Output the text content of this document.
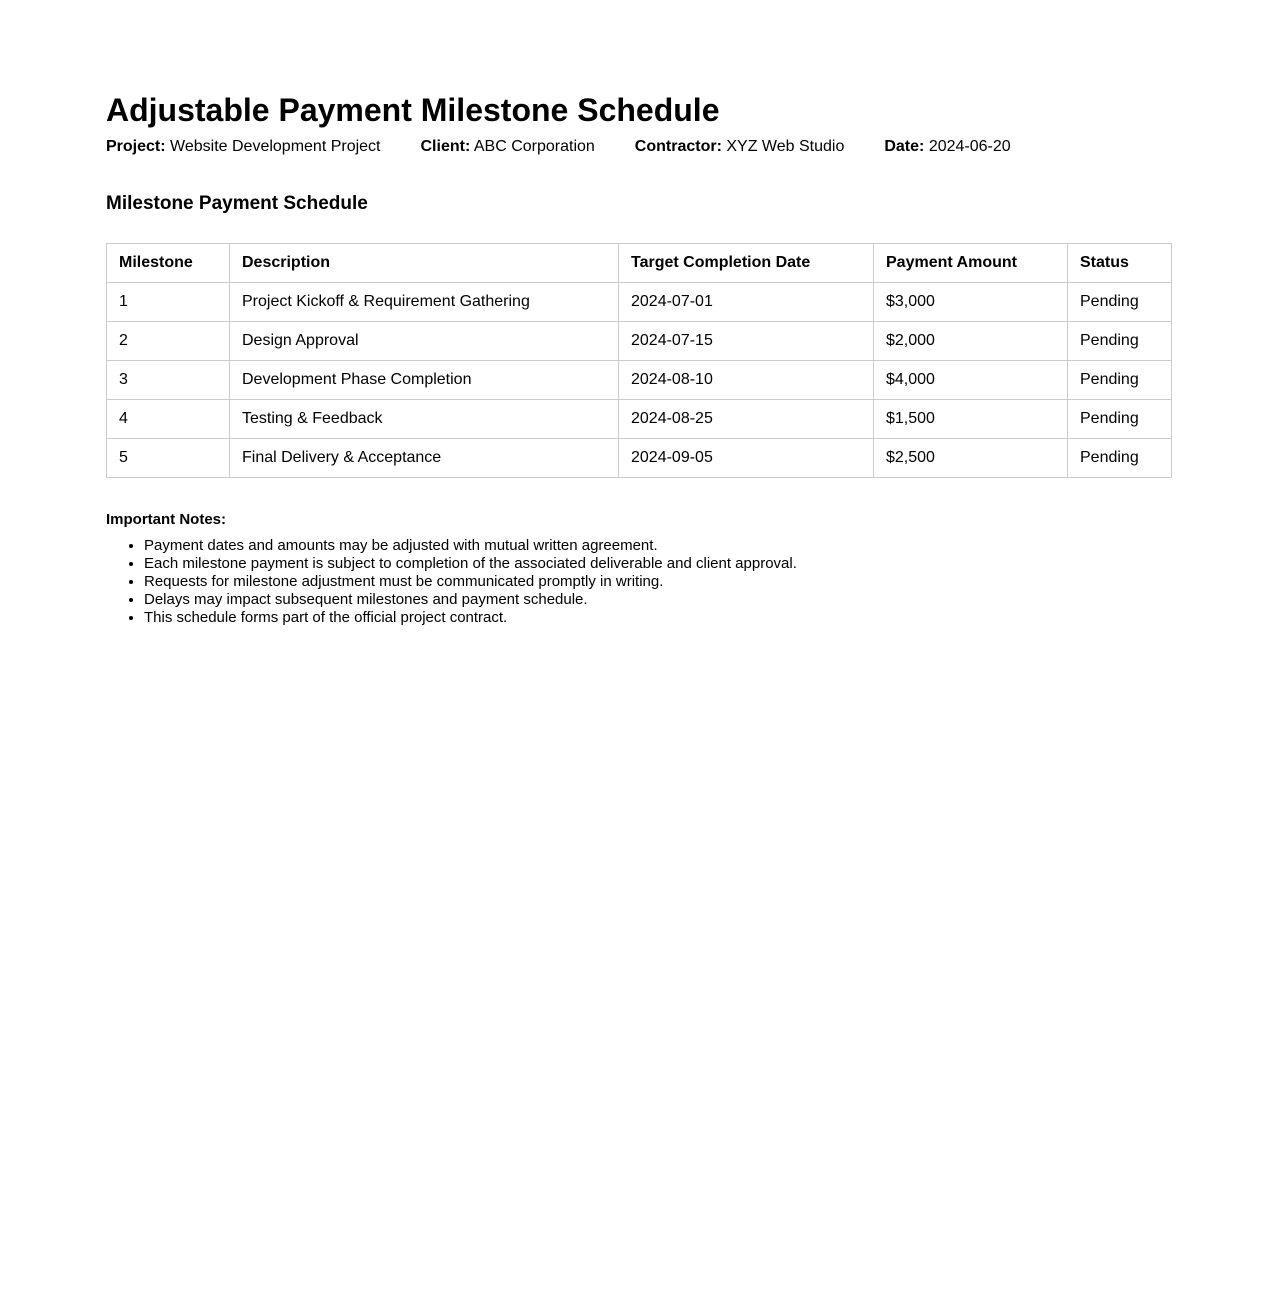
Adjustable Payment Milestone Schedule
Project: Website Development Project	Client: ABC Corporation	Contractor: XYZ Web Studio	Date: 2024-06-20
Milestone Payment Schedule
Milestone	Description	Target Completion Date	Payment Amount	Status
1	Project Kickoff & Requirement Gathering	2024-07-01	$3,000	Pending
2	Design Approval	2024-07-15	$2,000	Pending
3	Development Phase Completion	2024-08-10	$4,000	Pending
4	Testing & Feedback	2024-08-25	$1,500	Pending
5	Final Delivery & Acceptance	2024-09-05	$2,500	Pending
Important Notes:
• Payment dates and amounts may be adjusted with mutual written agreement.
• Each milestone payment is subject to completion of the associated deliverable and client approval.
• Requests for milestone adjustment must be communicated promptly in writing.
• Delays may impact subsequent milestones and payment schedule.
• This schedule forms part of the official project contract.
